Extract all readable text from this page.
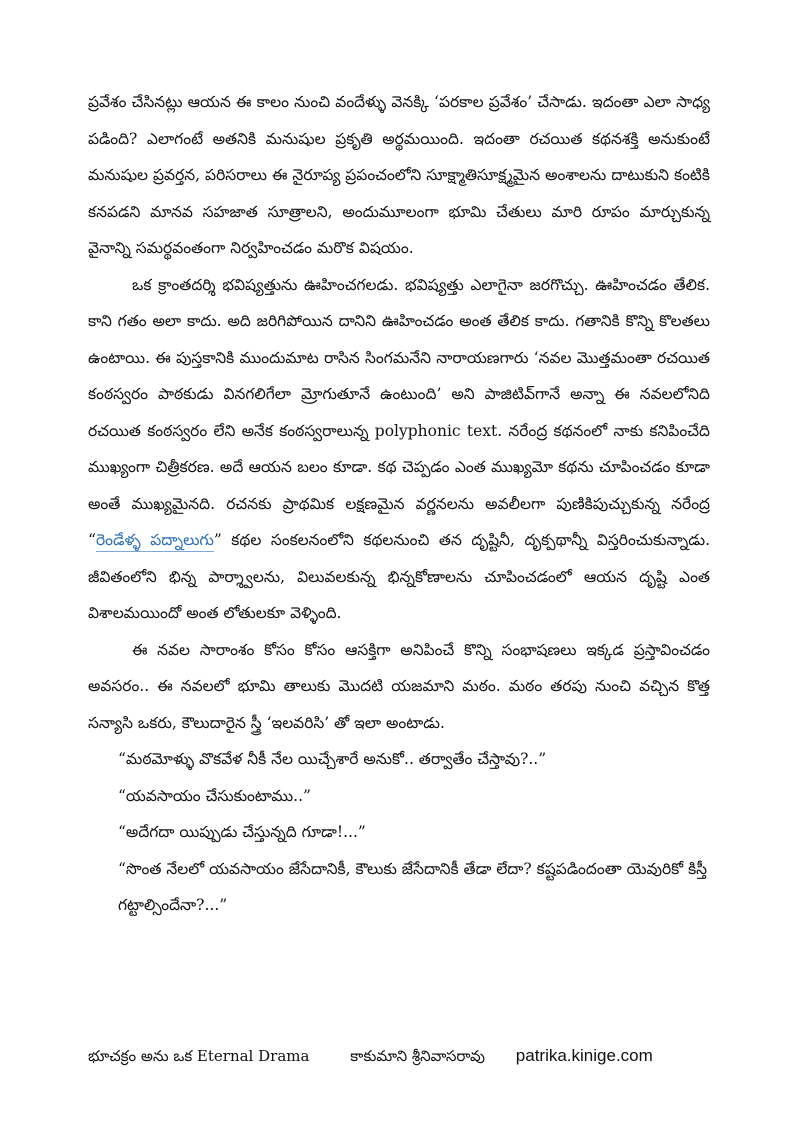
ప్రవేశం చేసినట్లు ఆయన ఈ కాలం నుంచి వందేళ్ళు వెనక్కి ‘పరకాల ప్రవేశం’ చేసాడు. ఇదంతా ఎలా సాధ్య పడింది? ఎలాగంటే అతనికి మనుషుల ప్రకృతి అర్థమయింది. ఇదంతా రచయిత కథనశక్తి అనుకుంటే మనుషుల ప్రవర్తన, పరిసరాలు ఈ నైరూప్య ప్రపంచంలోని సూక్ష్మాతిసూక్ష్మమైన అంశాలను దాటుకుని కంటికి కనపడని మానవ సహజాత సూత్రాలని, అందుమూలంగా భూమి చేతులు మారి రూపం మార్చుకున్న వైనాన్ని సమర్థవంతంగా నిర్వహించడం మరొక విషయం.

ఒక క్రాంతదర్శి భవిష్యత్తును ఊహించగలడు. భవిష్యత్తు ఎలాగైనా జరగొచ్చు. ఊహించడం తేలిక. కాని గతం అలా కాదు. అది జరిగిపోయిన దానిని ఊహించడం అంత తేలిక కాదు. గతానికి కొన్ని కొలతలు ఉంటాయి. ఈ పుస్తకానికి ముందుమాట రాసిన సింగమనేని నారాయణగారు ‘నవల మొత్తమంతా రచయిత కంఠస్వరం పాఠకుడు వినగలిగేలా మ్రోగుతూనే ఉంటుంది’ అని పాజిటివ్‌గానే అన్నా ఈ నవలలోనిది రచయిత కంఠస్వరం లేని అనేక కంఠస్వరాలున్న polyphonic text. నరేంద్ర కథనంలో నాకు కనిపించేది ముఖ్యంగా చిత్రీకరణ. అదే ఆయన బలం కూడా. కథ చెప్పడం ఎంత ముఖ్యమో కథను చూపించడం కూడా అంతే ముఖ్యమైనది. రచనకు ప్రాథమిక లక్షణమైన వర్ణనలను అవలీలగా పుణికిపుచ్చుకున్న నరేంద్ర “రెండేళ్ళ పద్నాలుగు” కథల సంకలనంలోని కథలనుంచి తన దృష్టినీ, దృక్పథాన్నీ విస్తరించుకున్నాడు. జీవితంలోని భిన్న పార్శ్వాలను, విలువలకున్న భిన్నకోణాలను చూపించడంలో ఆయన దృష్టి ఎంత విశాలమయిందో అంత లోతులకూ వెళ్ళింది.

ఈ నవల సారాంశం కోసం కోసం ఆసక్తిగా అనిపించే కొన్ని సంభాషణలు ఇక్కడ ప్రస్తావించడం అవసరం.. ఈ నవలలో భూమి తాలుకు మొదటి యజమాని మఠం. మఠం తరపు నుంచి వచ్చిన కొత్త సన్యాసి ఒకరు, కౌలుదారైన స్త్రీ ‘ఇలవరిసి’ తో ఇలా అంటాడు.

“మఠమోళ్ళు వొకవేళ నీకీ నేల యిచ్చేశారే అనుకో.. తర్వాతేం చేస్తావు?..”

“యవసాయం చేసుకుంటాము..”

“అదేగదా యిప్పుడు చేస్తున్నది గూడా!...”

“సొంత నేలలో యవసాయం జేసేదానికీ, కౌలుకు జేసేదానికీ తేడా లేదా? కష్టపడిందంతా యెవురికో కిస్తీ గట్టాల్సిందేనా?...”

భూచక్రం అను ఒక Eternal Drama	కాకుమాని శ్రీనివాసరావు patrika.kinige.com
